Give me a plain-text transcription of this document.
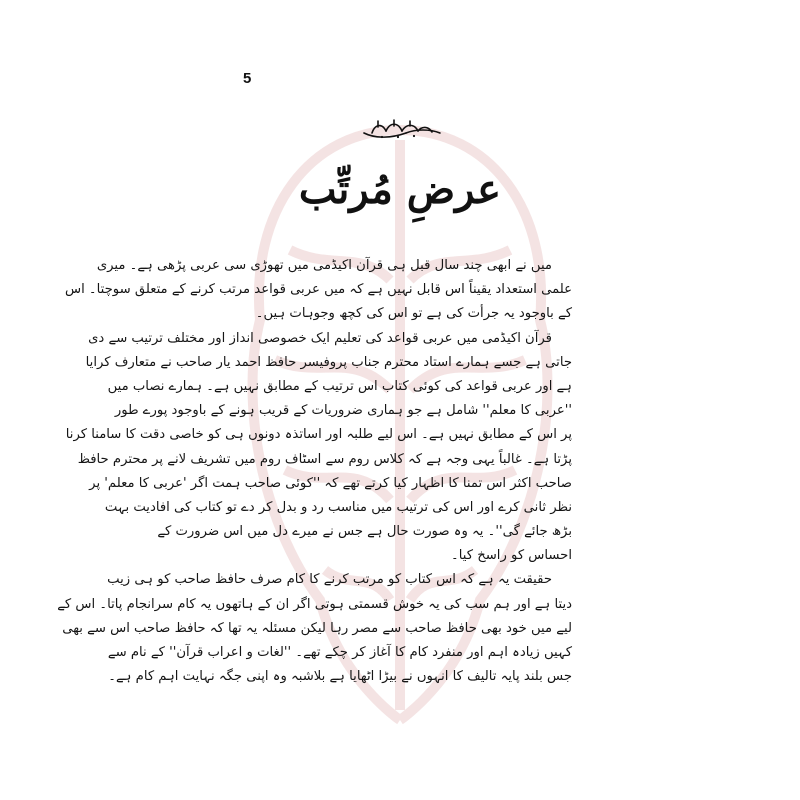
5
عرضِ مُرتِّب
میں نے ابھی چند سال قبل ہی قرآن اکیڈمی میں تھوڑی سی عربی پڑھی ہے۔ میری
علمی استعداد یقیناً اس قابل نہیں ہے کہ میں عربی قواعد مرتب کرنے کے متعلق سوچتا۔ اس
کے باوجود یہ جرأت کی ہے تو اس کی کچھ وجوہات ہیں۔
قرآن اکیڈمی میں عربی قواعد کی تعلیم ایک خصوصی انداز اور مختلف ترتیب سے دی
جاتی ہے جسے ہمارے استاد محترم جناب پروفیسر حافظ احمد یار صاحب نے متعارف کرایا
ہے اور عربی قواعد کی کوئی کتاب اس ترتیب کے مطابق نہیں ہے۔ ہمارے نصاب میں
''عربی کا معلم'' شامل ہے جو ہماری ضروریات کے قریب ہونے کے باوجود پورے طور
پر اس کے مطابق نہیں ہے۔ اس لیے طلبہ اور اساتذہ دونوں ہی کو خاصی دقت کا سامنا کرنا
پڑتا ہے۔ غالباً یہی وجہ ہے کہ کلاس روم سے اسٹاف روم میں تشریف لانے پر محترم حافظ
صاحب اکثر اس تمنا کا اظہار کیا کرتے تھے کہ ''کوئی صاحب ہمت اگر 'عربی کا معلم' پر
نظر ثانی کرے اور اس کی ترتیب میں مناسب رد و بدل کر دے تو کتاب کی افادیت بہت
بڑھ جائے گی''۔ یہ وہ صورت حال ہے جس نے میرے دل میں اس ضرورت کے
احساس کو راسخ کیا۔
حقیقت یہ ہے کہ اس کتاب کو مرتب کرنے کا کام صرف حافظ صاحب کو ہی زیب
دیتا ہے اور ہم سب کی یہ خوش قسمتی ہوتی اگر ان کے ہاتھوں یہ کام سرانجام پاتا۔ اس کے
لیے میں خود بھی حافظ صاحب سے مصر رہا لیکن مسئلہ یہ تھا کہ حافظ صاحب اس سے بھی
کہیں زیادہ اہم اور منفرد کام کا آغاز کر چکے تھے۔ ''لغات و اعراب قرآن'' کے نام سے
جس بلند پایہ تالیف کا انہوں نے بیڑا اٹھایا ہے بلاشبہ وہ اپنی جگہ نہایت اہم کام ہے۔
